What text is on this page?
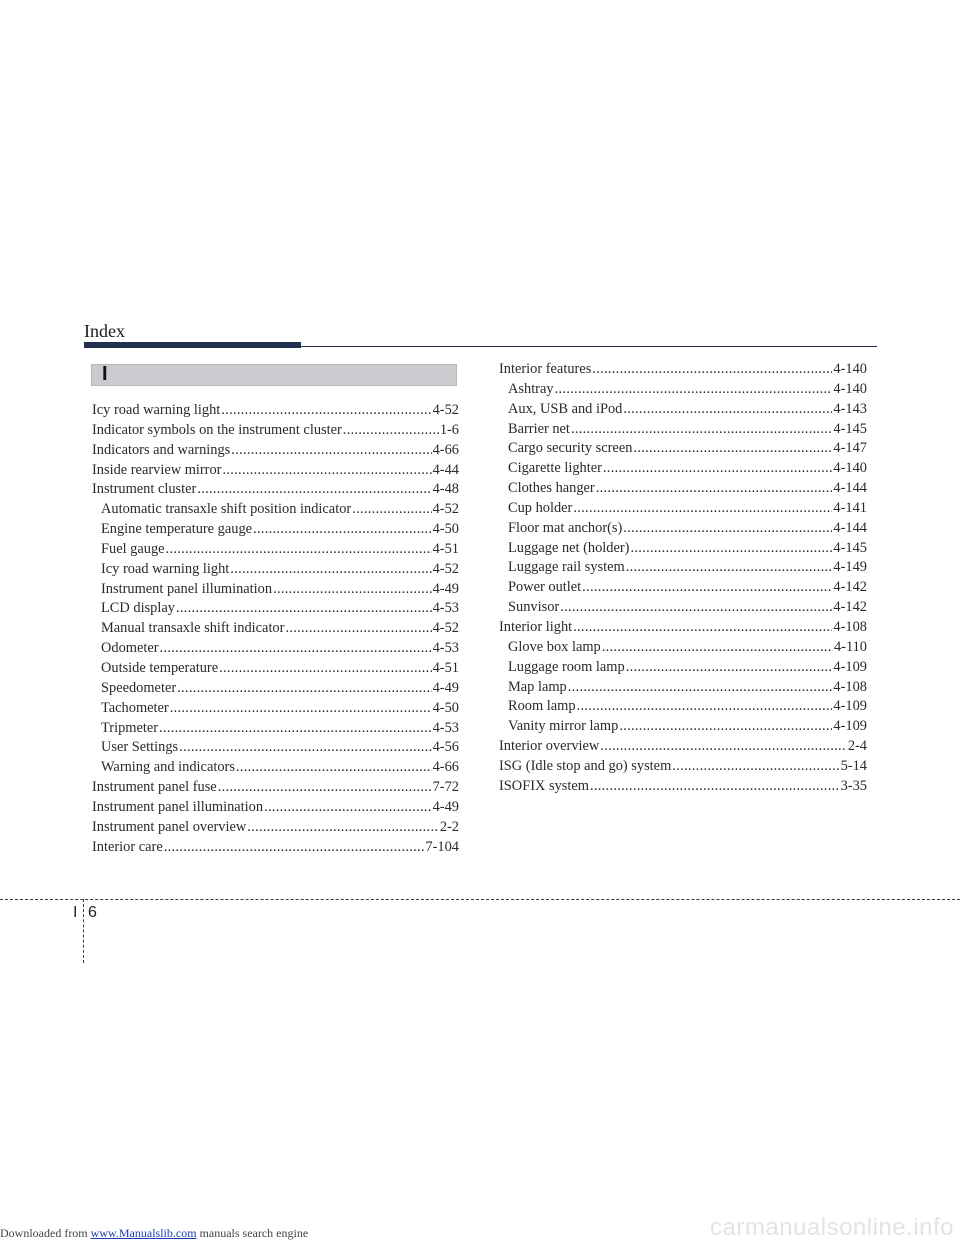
Index
I
Icy road warning light .....	4-52
Indicator symbols on the instrument cluster .....	1-6
Indicators and warnings .....	4-66
Inside rearview mirror .....	4-44
Instrument cluster .....	4-48
Automatic transaxle shift position indicator .....	4-52
Engine temperature gauge .....	4-50
Fuel gauge .....	4-51
Icy road warning light .....	4-52
Instrument panel illumination .....	4-49
LCD display .....	4-53
Manual transaxle shift indicator .....	4-52
Odometer .....	4-53
Outside temperature .....	4-51
Speedometer .....	4-49
Tachometer .....	4-50
Tripmeter .....	4-53
User Settings .....	4-56
Warning and indicators .....	4-66
Instrument panel fuse .....	7-72
Instrument panel illumination .....	4-49
Instrument panel overview .....	2-2
Interior care .....	7-104
Interior features .....	4-140
Ashtray .....	4-140
Aux, USB and iPod .....	4-143
Barrier net .....	4-145
Cargo security screen .....	4-147
Cigarette lighter .....	4-140
Clothes hanger .....	4-144
Cup holder .....	4-141
Floor mat anchor(s) .....	4-144
Luggage net (holder) .....	4-145
Luggage rail system .....	4-149
Power outlet .....	4-142
Sunvisor .....	4-142
Interior light .....	4-108
Glove box lamp .....	4-110
Luggage room lamp .....	4-109
Map lamp .....	4-108
Room lamp .....	4-109
Vanity mirror lamp .....	4-109
Interior overview .....	2-4
ISG (Idle stop and go) system .....	5-14
ISOFIX system .....	3-35
I 6
Downloaded from www.Manualslib.com manuals search engine	carmanualsonline.info
